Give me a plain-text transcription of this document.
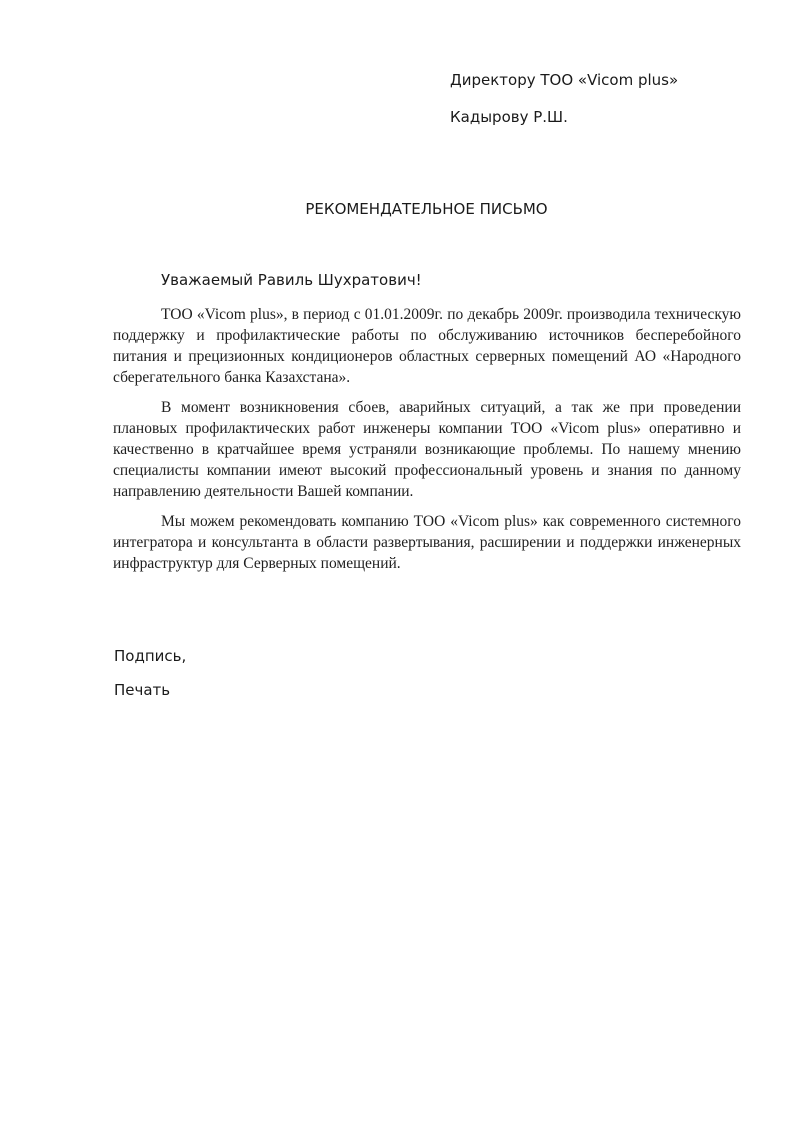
Директору ТОО «Vicom plus»
Кадырову Р.Ш.
РЕКОМЕНДАТЕЛЬНОЕ ПИСЬМО
Уважаемый Равиль Шухратович!

ТОО «Vicom plus», в период с 01.01.2009г. по декабрь 2009г. производила техническую поддержку и профилактические работы по обслуживанию источников бесперебойного питания и прецизионных кондиционеров областных серверных помещений АО «Народного сберегательного банка Казахстана».

В момент возникновения сбоев, аварийных ситуаций, а так же при проведении плановых профилактических работ инженеры компании ТОО «Vicom plus» оперативно и качественно в кратчайшее время устраняли возникающие проблемы. По нашему мнению специалисты компании имеют высокий профессиональный уровень и знания по данному направлению деятельности Вашей компании.

Мы можем рекомендовать компанию ТОО «Vicom plus» как современного системного интегратора и консультанта в области развертывания, расширении и поддержки инженерных инфраструктур для Серверных помещений.

Подпись,
Печать
